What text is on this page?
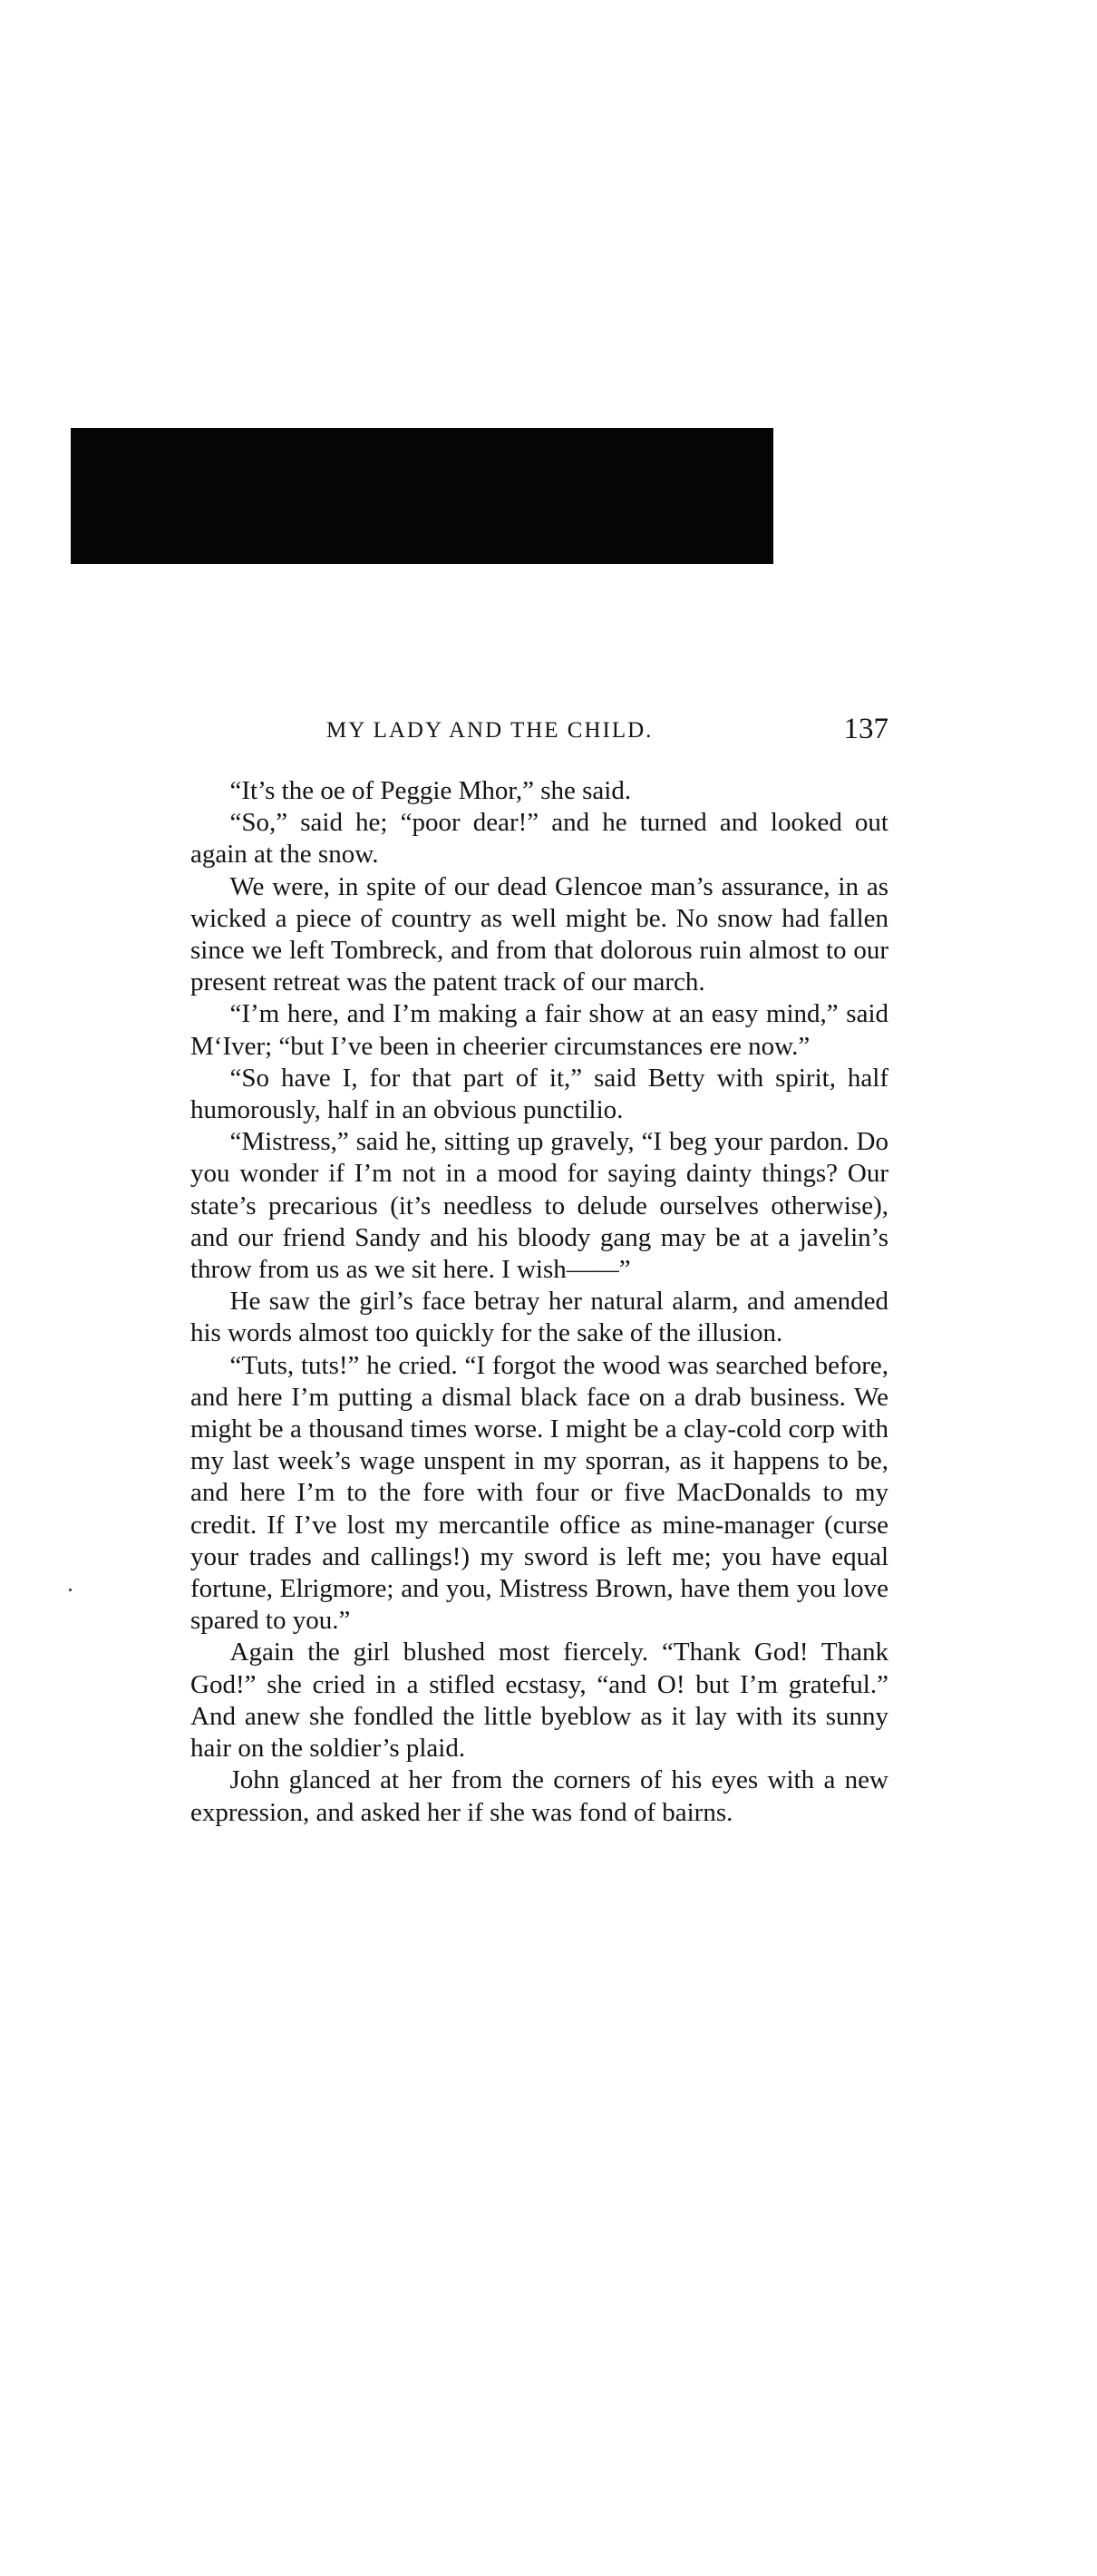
MY LADY AND THE CHILD.	137

“It’s the oe of Peggie Mhor,” she said.

“So,” said he; “poor dear!” and he turned and looked out again at the snow.

We were, in spite of our dead Glencoe man’s assurance, in as wicked a piece of country as well might be. No snow had fallen since we left Tombreck, and from that dolorous ruin almost to our present retreat was the patent track of our march.

“I’m here, and I’m making a fair show at an easy mind,” said M‘Iver; “but I’ve been in cheerier circumstances ere now.”

“So have I, for that part of it,” said Betty with spirit, half humorously, half in an obvious punctilio.

“Mistress,” said he, sitting up gravely, “I beg your pardon. Do you wonder if I’m not in a mood for saying dainty things? Our state’s precarious (it’s needless to delude ourselves otherwise), and our friend Sandy and his bloody gang may be at a javelin’s throw from us as we sit here. I wish——”

He saw the girl’s face betray her natural alarm, and amended his words almost too quickly for the sake of the illusion.

“Tuts, tuts!” he cried. “I forgot the wood was searched before, and here I’m putting a dismal black face on a drab business. We might be a thousand times worse. I might be a clay-cold corp with my last week’s wage unspent in my sporran, as it happens to be, and here I’m to the fore with four or five MacDonalds to my credit. If I’ve lost my mercantile office as mine-manager (curse your trades and callings!) my sword is left me; you have equal fortune, Elrigmore; and you, Mistress Brown, have them you love spared to you.”

Again the girl blushed most fiercely. “Thank God! Thank God!” she cried in a stifled ecstasy, “and O! but I’m grateful.” And anew she fondled the little byeblow as it lay with its sunny hair on the soldier’s plaid.

John glanced at her from the corners of his eyes with a new expression, and asked her if she was fond of bairns.
